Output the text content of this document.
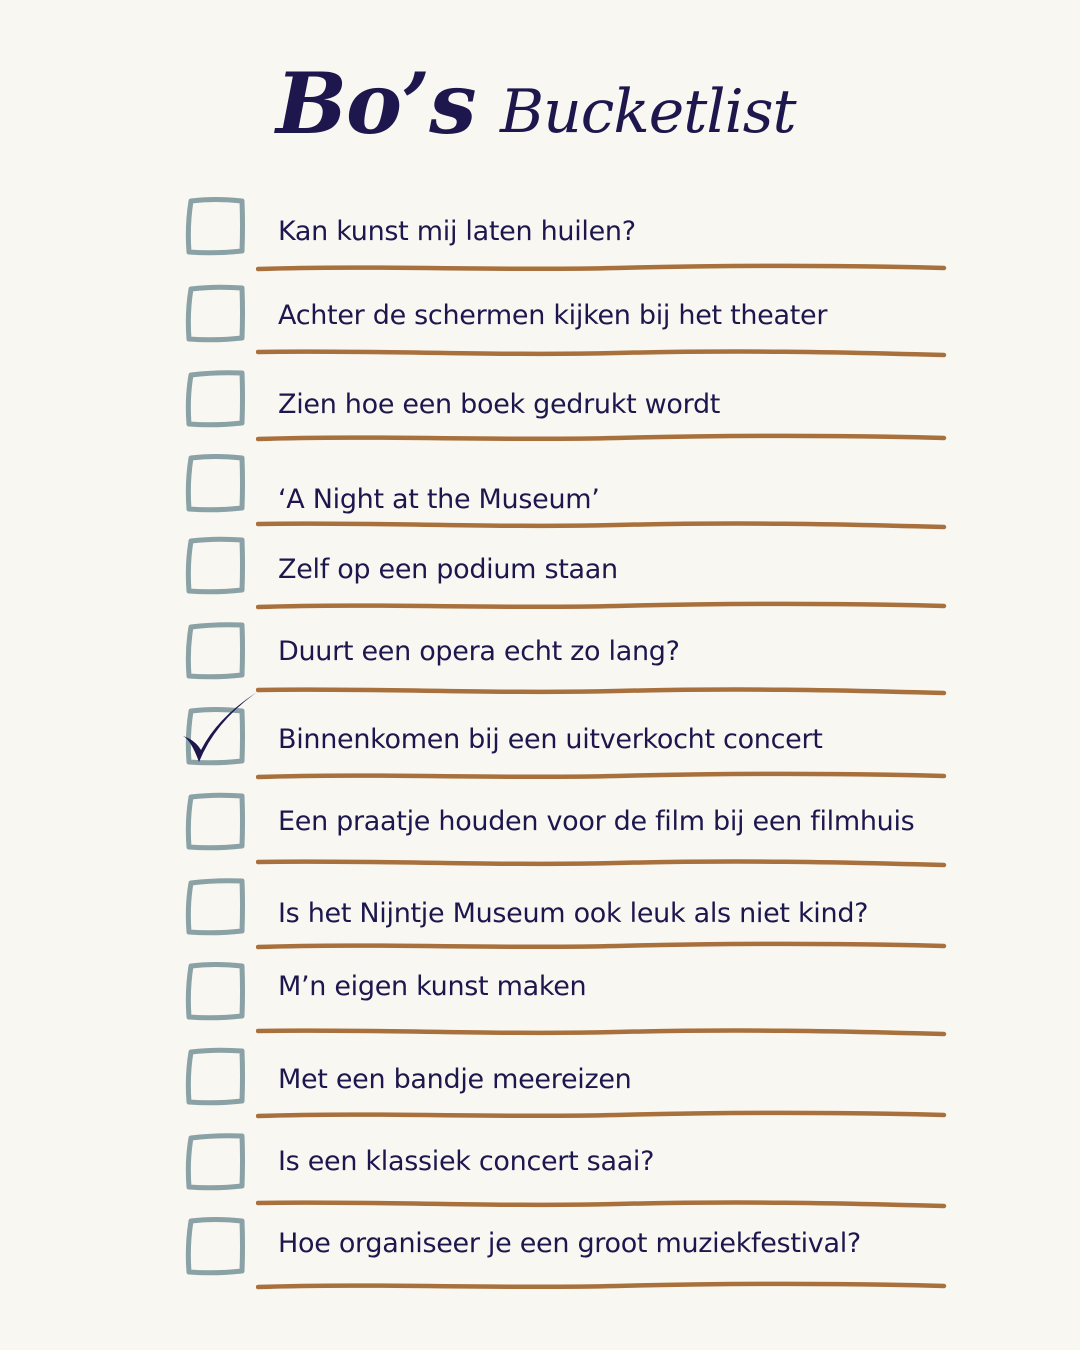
Bo’s Bucketlist
Kan kunst mij laten huilen?
Achter de schermen kijken bij het theater
Zien hoe een boek gedrukt wordt
‘A Night at the Museum’
Zelf op een podium staan
Duurt een opera echt zo lang?
Binnenkomen bij een uitverkocht concert
Een praatje houden voor de film bij een filmhuis
Is het Nijntje Museum ook leuk als niet kind?
M’n eigen kunst maken
Met een bandje meereizen
Is een klassiek concert saai?
Hoe organiseer je een groot muziekfestival?
